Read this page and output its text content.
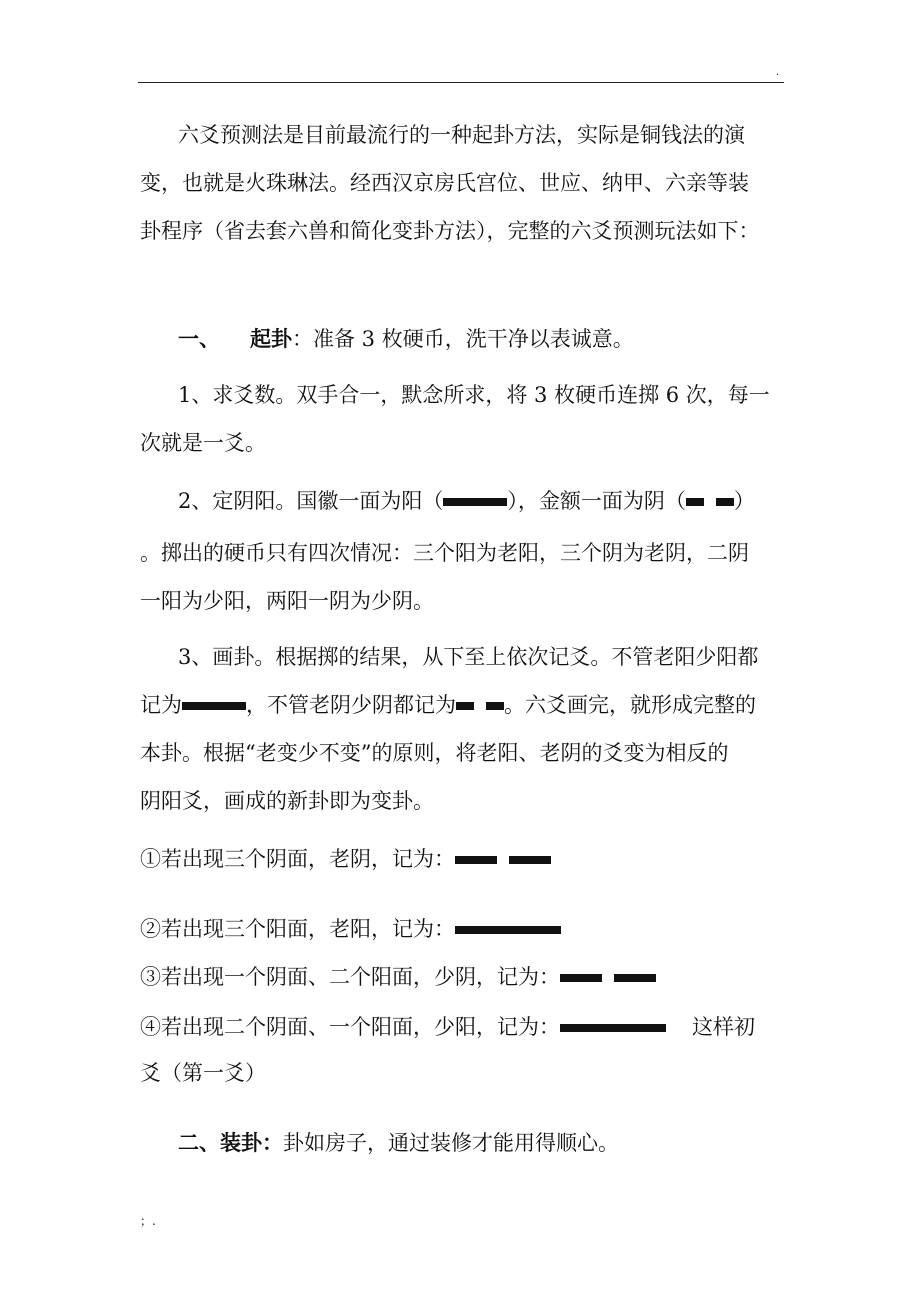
.
六爻预测法是目前最流行的一种起卦方法，实际是铜钱法的演
变，也就是火珠琳法。经西汉京房氏宫位、世应、纳甲、六亲等装
卦程序（省去套六兽和简化变卦方法），完整的六爻预测玩法如下：
一、 起卦：准备 3 枚硬币，洗干净以表诚意。
1、求爻数。双手合一，默念所求，将 3 枚硬币连掷 6 次，每一
次就是一爻。
2、定阴阳。国徽一面为阳（	），金额一面为阴（ ）
。掷出的硬币只有四次情况：三个阳为老阳，三个阴为老阴，二阴
一阳为少阳，两阳一阴为少阴。
3、画卦。根据掷的结果，从下至上依次记爻。不管老阳少阳都
记为	，不管老阴少阴都记为 。六爻画完，就形成完整的
本卦。根据“老变少不变”的原则，将老阳、老阴的爻变为相反的
阴阳爻，画成的新卦即为变卦。
①若出现三个阴面，老阴，记为：
②若出现三个阳面，老阳，记为：
③若出现一个阴面、二个阳面，少阴，记为：
④若出现二个阴面、一个阳面，少阳，记为：	这样初
爻（第一爻）
二、装卦：卦如房子，通过装修才能用得顺心。
；.
